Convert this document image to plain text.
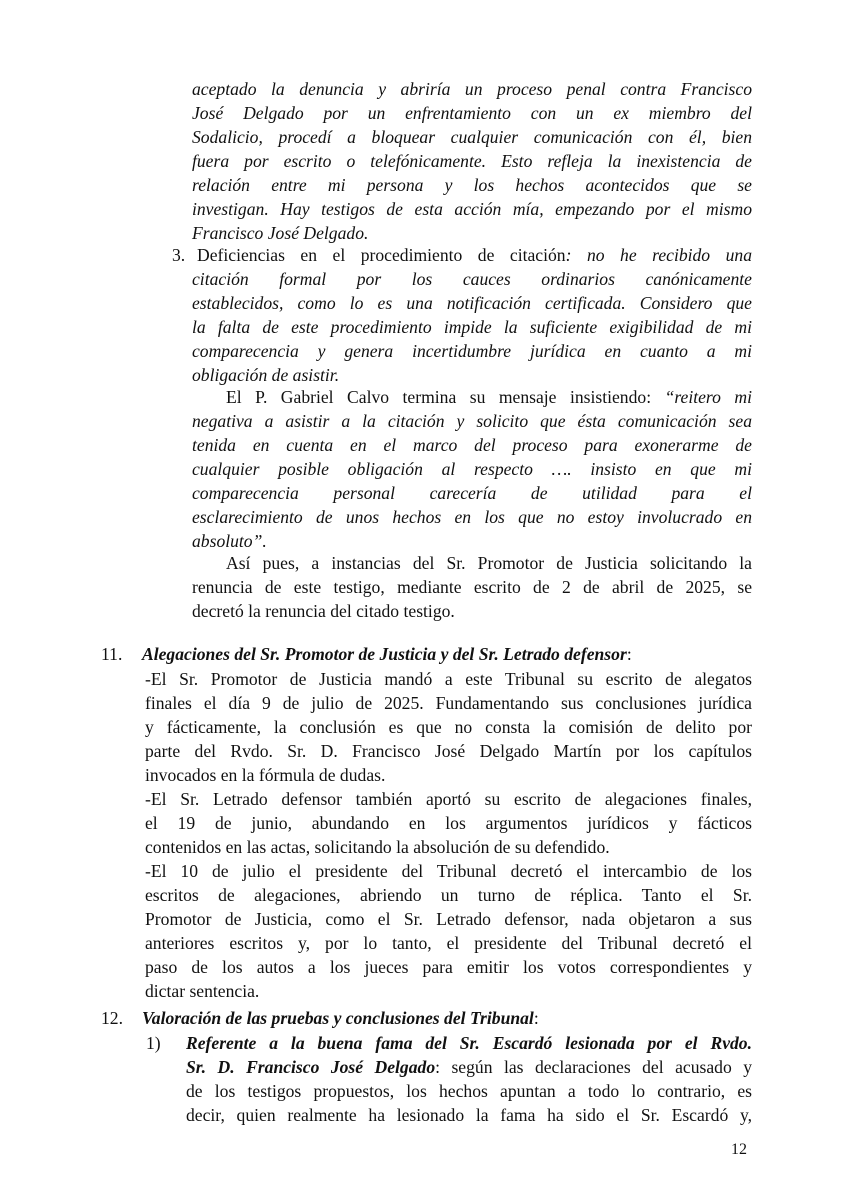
aceptado la denuncia y abriría un proceso penal contra Francisco

José Delgado por un enfrentamiento con un ex miembro del

Sodalicio, procedí a bloquear cualquier comunicación con él, bien

fuera por escrito o telefónicamente. Esto refleja la inexistencia de

relación entre mi persona y los hechos acontecidos que se

investigan. Hay testigos de esta acción mía, empezando por el mismo

Francisco José Delgado.

3. Deficiencias en el procedimiento de citación: no he recibido una

citación formal por los cauces ordinarios canónicamente

establecidos, como lo es una notificación certificada. Considero que

la falta de este procedimiento impide la suficiente exigibilidad de mi

comparecencia y genera incertidumbre jurídica en cuanto a mi

obligación de asistir.

El P. Gabriel Calvo termina su mensaje insistiendo: “reitero mi

negativa a asistir a la citación y solicito que ésta comunicación sea

tenida en cuenta en el marco del proceso para exonerarme de

cualquier posible obligación al respecto …. insisto en que mi

comparecencia personal carecería de utilidad para el

esclarecimiento de unos hechos en los que no estoy involucrado en

absoluto”.

Así pues, a instancias del Sr. Promotor de Justicia solicitando la

renuncia de este testigo, mediante escrito de 2 de abril de 2025, se

decretó la renuncia del citado testigo.

11. Alegaciones del Sr. Promotor de Justicia y del Sr. Letrado defensor:

-El Sr. Promotor de Justicia mandó a este Tribunal su escrito de alegatos

finales el día 9 de julio de 2025. Fundamentando sus conclusiones jurídica

y fácticamente, la conclusión es que no consta la comisión de delito por

parte del Rvdo. Sr. D. Francisco José Delgado Martín por los capítulos

invocados en la fórmula de dudas.

-El Sr. Letrado defensor también aportó su escrito de alegaciones finales,

el 19 de junio, abundando en los argumentos jurídicos y fácticos

contenidos en las actas, solicitando la absolución de su defendido.

-El 10 de julio el presidente del Tribunal decretó el intercambio de los

escritos de alegaciones, abriendo un turno de réplica. Tanto el Sr.

Promotor de Justicia, como el Sr. Letrado defensor, nada objetaron a sus

anteriores escritos y, por lo tanto, el presidente del Tribunal decretó el

paso de los autos a los jueces para emitir los votos correspondientes y

dictar sentencia.

12. Valoración de las pruebas y conclusiones del Tribunal:

1) Referente a la buena fama del Sr. Escardó lesionada por el Rvdo.

Sr. D. Francisco José Delgado: según las declaraciones del acusado y

de los testigos propuestos, los hechos apuntan a todo lo contrario, es

decir, quien realmente ha lesionado la fama ha sido el Sr. Escardó y,

12
